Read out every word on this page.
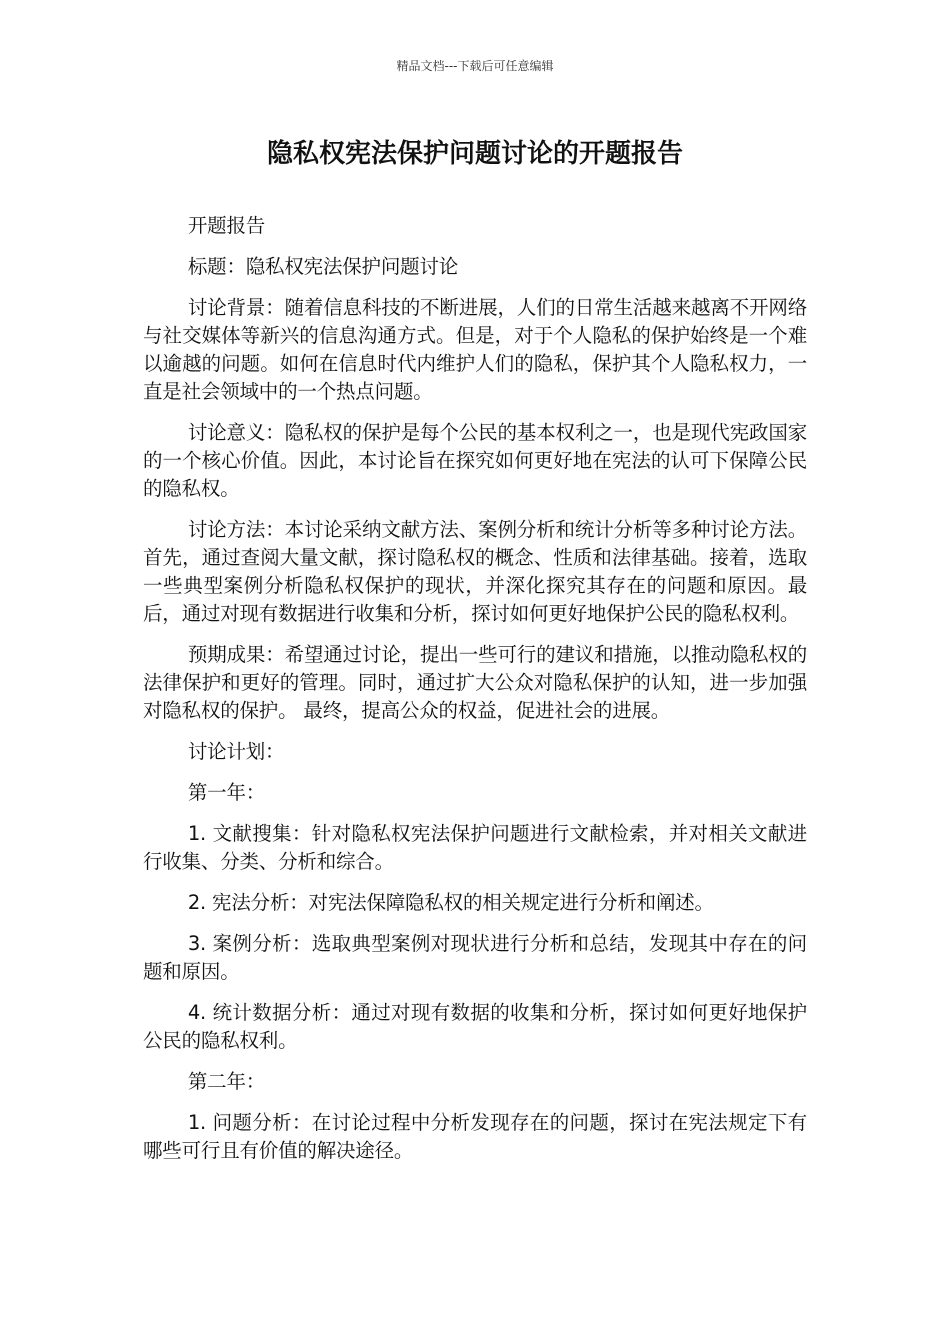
精品文档---下载后可任意编辑
隐私权宪法保护问题讨论的开题报告

开题报告

标题：隐私权宪法保护问题讨论

讨论背景：随着信息科技的不断进展，人们的日常生活越来越离不开网络与社交媒体等新兴的信息沟通方式。但是，对于个人隐私的保护始终是一个难以逾越的问题。如何在信息时代内维护人们的隐私，保护其个人隐私权力，一直是社会领域中的一个热点问题。

讨论意义：隐私权的保护是每个公民的基本权利之一，也是现代宪政国家的一个核心价值。因此，本讨论旨在探究如何更好地在宪法的认可下保障公民的隐私权。

讨论方法：本讨论采纳文献方法、案例分析和统计分析等多种讨论方法。 首先，通过查阅大量文献，探讨隐私权的概念、性质和法律基础。接着，选取一些典型案例分析隐私权保护的现状，并深化探究其存在的问题和原因。最后，通过对现有数据进行收集和分析，探讨如何更好地保护公民的隐私权利。

预期成果：希望通过讨论，提出一些可行的建议和措施，以推动隐私权的法律保护和更好的管理。同时，通过扩大公众对隐私保护的认知，进一步加强对隐私权的保护。 最终，提高公众的权益，促进社会的进展。

讨论计划：

第一年：

1. 文献搜集：针对隐私权宪法保护问题进行文献检索，并对相关文献进行收集、分类、分析和综合。

2. 宪法分析：对宪法保障隐私权的相关规定进行分析和阐述。

3. 案例分析：选取典型案例对现状进行分析和总结，发现其中存在的问题和原因。

4. 统计数据分析：通过对现有数据的收集和分析，探讨如何更好地保护公民的隐私权利。

第二年：

1. 问题分析：在讨论过程中分析发现存在的问题，探讨在宪法规定下有哪些可行且有价值的解决途径。
